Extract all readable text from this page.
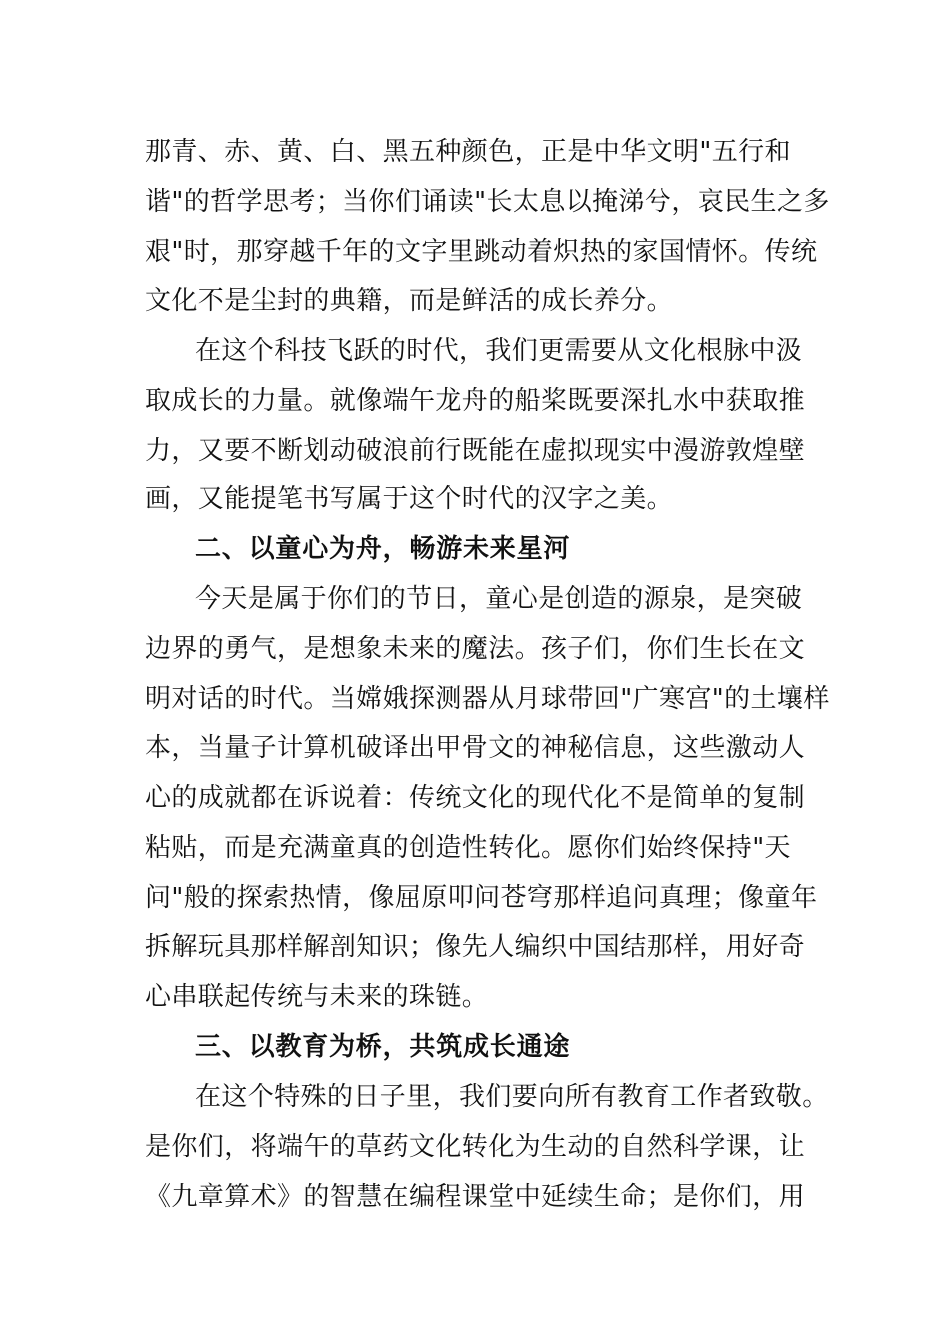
那青、赤、黄、白、黑五种颜色，正是中华文明"五行和
谐"的哲学思考；当你们诵读"长太息以掩涕兮，哀民生之多
艰"时，那穿越千年的文字里跳动着炽热的家国情怀。传统
文化不是尘封的典籍，而是鲜活的成长养分。
在这个科技飞跃的时代，我们更需要从文化根脉中汲
取成长的力量。就像端午龙舟的船桨既要深扎水中获取推
力，又要不断划动破浪前行既能在虚拟现实中漫游敦煌壁
画，又能提笔书写属于这个时代的汉字之美。
二、以童心为舟，畅游未来星河
今天是属于你们的节日，童心是创造的源泉，是突破
边界的勇气，是想象未来的魔法。孩子们，你们生长在文
明对话的时代。当嫦娥探测器从月球带回"广寒宫"的土壤样
本，当量子计算机破译出甲骨文的神秘信息，这些激动人
心的成就都在诉说着：传统文化的现代化不是简单的复制
粘贴，而是充满童真的创造性转化。愿你们始终保持"天
问"般的探索热情，像屈原叩问苍穹那样追问真理；像童年
拆解玩具那样解剖知识；像先人编织中国结那样，用好奇
心串联起传统与未来的珠链。
三、以教育为桥，共筑成长通途
在这个特殊的日子里，我们要向所有教育工作者致敬。
是你们，将端午的草药文化转化为生动的自然科学课，让
《九章算术》的智慧在编程课堂中延续生命；是你们，用
